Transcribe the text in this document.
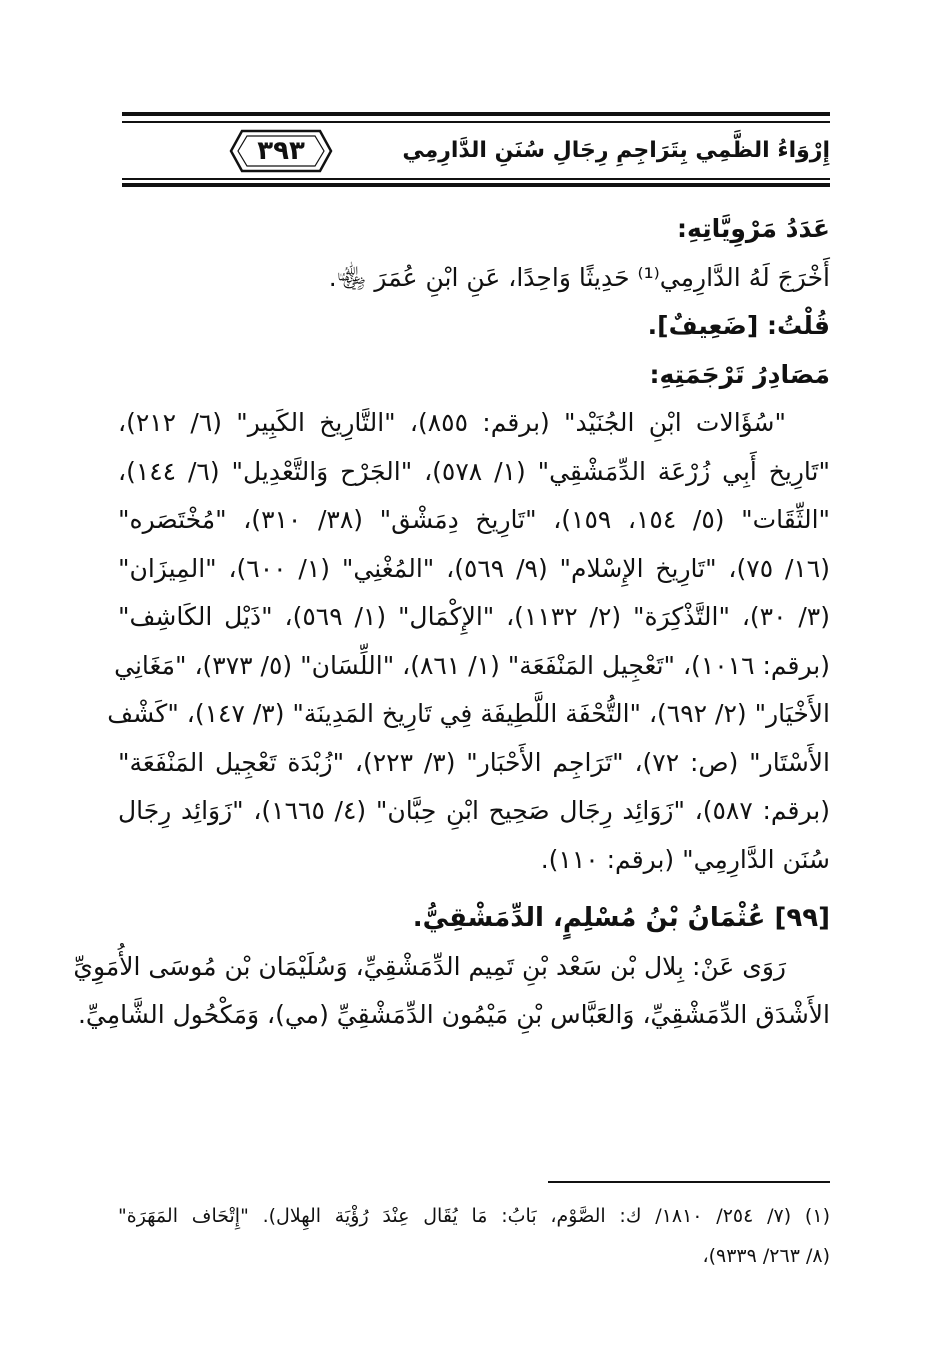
٣٩٣	إِرْوَاءُ الظَّمِي بِتَرَاجِمِ رِجَالِ سُنَنِ الدَّارِمِي
عَدَدُ مَرْوِيَّاتِهِ:
أَخْرَجَ لَهُ الدَّارِمِي⁽¹⁾ حَدِيثًا وَاحِدًا، عَنِ ابْنِ عُمَرَ ﵄.
قُلْتُ: [ضَعِيفٌ].
مَصَادِرُ تَرْجَمَتِهِ:
"سُؤَالات ابْنِ الجُنَيْد" (برقم: ٨٥٥)، "التَّارِيخ الكَبِير" (٦/ ٢١٢)،
"تَارِيخ أَبِي زُرْعَة الدِّمَشْقِي" (١/ ٥٧٨)، "الجَرْح وَالتَّعْدِيل" (٦/ ١٤٤)،
"الثِّقَات" (٥/ ١٥٤، ١٥٩)، "تَارِيخ دِمَشْق" (٣٨/ ٣١٠)، "مُخْتَصَره"
(١٦/ ٧٥)، "تَارِيخ الإِسْلام" (٩/ ٥٦٩)، "المُغْنِي" (١/ ٦٠٠)، "المِيزَان"
(٣/ ٣٠)، "التَّذْكِرَة" (٢/ ١١٣٢)، "الإِكْمَال" (١/ ٥٦٩)، "ذَيْل الكَاشِف"
(برقم: ١٠١٦)، "تَعْجِيل المَنْفَعَة" (١/ ٨٦١)، "اللِّسَان" (٥/ ٣٧٣)، "مَغَانِي
الأَخْيَار" (٢/ ٦٩٢)، "التُّحْفَة اللَّطِيفَة فِي تَارِيخ المَدِينَة" (٣/ ١٤٧)، "كَشْف
الأَسْتَار" (ص: ٧٢)، "تَرَاجِم الأَحْبَار" (٣/ ٢٢٣)، "زُبْدَة تَعْجِيل المَنْفَعَة"
(برقم: ٥٨٧)، "زَوَائِد رِجَال صَحِيح ابْنِ حِبَّان" (٤/ ١٦٦٥)، "زَوَائِد رِجَال
سُنَن الدَّارِمِي" (برقم: ١١٠).
[٩٩] عُثْمَانُ بْنُ مُسْلِمٍ، الدِّمَشْقِيُّ.
رَوَى عَنْ: بِلال بْن سَعْد بْنِ تَمِيم الدِّمَشْقِيِّ، وَسُلَيْمَان بْن مُوسَى الأُمَوِيِّ
الأَشْدَق الدِّمَشْقِيِّ، وَالعَبَّاس بْنِ مَيْمُون الدِّمَشْقِيِّ (مي)، وَمَكْحُول الشَّامِيِّ.
(١) (٧/ ٢٥٤/ ١٨١٠/ ك: الصَّوْم، بَابُ: مَا يُقَال عِنْدَ رُؤْيَة الهِلال). "إِتْحَاف المَهَرَة"
(٨/ ٢٦٣/ ٩٣٣٩)،
